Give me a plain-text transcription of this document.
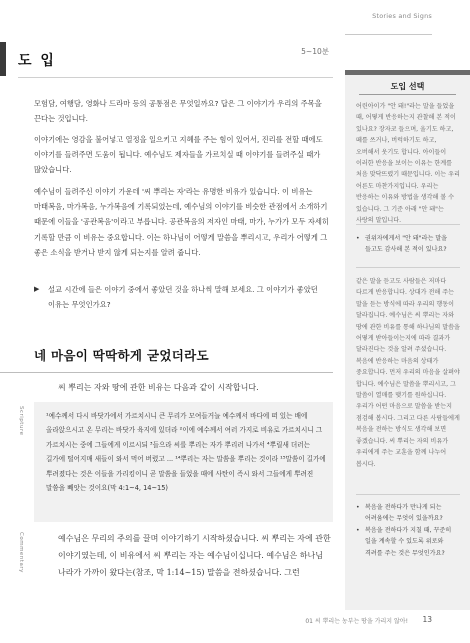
Stories and Signs
도 입
5~10분

모험담, 여행담, 영화나 드라마 등의 공통점은 무엇일까요? 답은 그 이야기가 우리의 주목을 끈다는 것입니다.

이야기에는 영감을 불어넣고 열정을 일으키고 지혜를 주는 힘이 있어서, 진리를 전할 때에도 이야기를 들려주면 도움이 됩니다. 예수님도 제자들을 가르치실 때 이야기를 들려주실 때가 많았습니다.

예수님이 들려주신 이야기 가운데 '씨 뿌리는 자'라는 유명한 비유가 있습니다. 이 비유는 마태복음, 마가복음, 누가복음에 기록되었는데, 예수님의 이야기를 비슷한 관점에서 소개하기 때문에 이들을 '공관복음'이라고 부릅니다. 공관복음의 저자인 마태, 마가, 누가가 모두 자세히 기록할 만큼 이 비유는 중요합니다. 이는 하나님이 어떻게 말씀을 뿌리시고, 우리가 어떻게 그 좋은 소식을 받거나 받지 않게 되는지를 알려 줍니다.

▶ 설교 시간에 들은 이야기 중에서 좋았던 것을 하나씩 말해 보세요. 그 이야기가 좋았던 이유는 무엇인가요?
네 마음이 딱딱하게 굳었더라도

씨 뿌리는 자와 땅에 관한 비유는 다음과 같이 시작합니다.

Scripture	¹예수께서 다시 바닷가에서 가르치시니 큰 무리가 모여들거늘 예수께서 바다에 떠 있는 배에 올라앉으시고 온 무리는 바닷가 육지에 있더라 ²이에 예수께서 여러 가지로 비유로 가르치시니 그 가르치시는 중에 그들에게 이르시되 ³들으라 씨를 뿌리는 자가 뿌리러 나가서 ⁴뿌릴새 더러는 길가에 떨어지매 새들이 와서 먹어 버렸고 ... ¹⁴뿌리는 자는 말씀을 뿌리는 것이라 ¹⁵말씀이 길가에 뿌려졌다는 것은 이들을 가리킴이니 곧 말씀을 들었을 때에 사탄이 즉시 와서 그들에게 뿌려진 말씀을 빼앗는 것이요(막 4:1~4, 14~15)

Commentary	예수님은 무리의 주의를 끌며 이야기하기 시작하셨습니다. 씨 뿌리는 자에 관한 이야기였는데, 이 비유에서 씨 뿌리는 자는 예수님이십니다. 예수님은 하나님 나라가 가까이 왔다는(참조, 막 1:14~15) 말씀을 전하셨습니다. 그런

도입 선택

어린아이가 "안 돼!"라는 말을 들었을 때, 어떻게 반응하는지 관찰해 본 적이 있나요? 장자코 들으며, 울기도 하고, 떼를 쓰거나, 버럭하기도 하고, 오버해서 웃기도 합니다. 아이들이 이러한 반응을 보이는 이유는 한계를 처음 맞닥뜨렸기 때문입니다. 이는 우리 어른도 마찬가지입니다. 우리는 반응하는 이유와 방법을 생각해 볼 수 있습니다. 그 기준 아래 "안 돼"는 사랑의 말입니다.

• 권위자에게서 "안 돼"라는 말을 들고도 감사해 본 적이 있나요?

같은 말을 듣고도 사람들은 저마다 다르게 반응합니다. 상대가 전해 주는 말을 듣는 방식에 따라 우리의 행동이 달라집니다. 예수님은 씨 뿌리는 자와 땅에 관한 비유를 통해 하나님의 말씀을 어떻게 받아들이는지에 따라 결과가 달라진다는 것을 알려 주셨습니다. 복음에 반응하는 마음의 상태가 중요합니다. 먼저 우리의 마음을 살펴야 합니다. 예수님은 말씀을 뿌리시고, 그 말씀이 열매를 맺기를 원하십니다. 우리가 어떤 마음으로 말씀을 받는지 점검해 봅시다. 그리고 다른 사람들에게 복음을 전하는 방식도 생각해 보면 좋겠습니다. 씨 뿌리는 자의 비유가 우리에게 주는 교훈을 함께 나누어 봅시다.

• 복음을 전하다가 만나게 되는 어려움에는 무엇이 있을까요?
• 복음을 전하다가 지칠 때, 꾸준히 일을 계속할 수 있도록 위로와 격려를 주는 것은 무엇인가요?
01 씨 뿌리는 농부는 땅을 가리지 않아! 13
